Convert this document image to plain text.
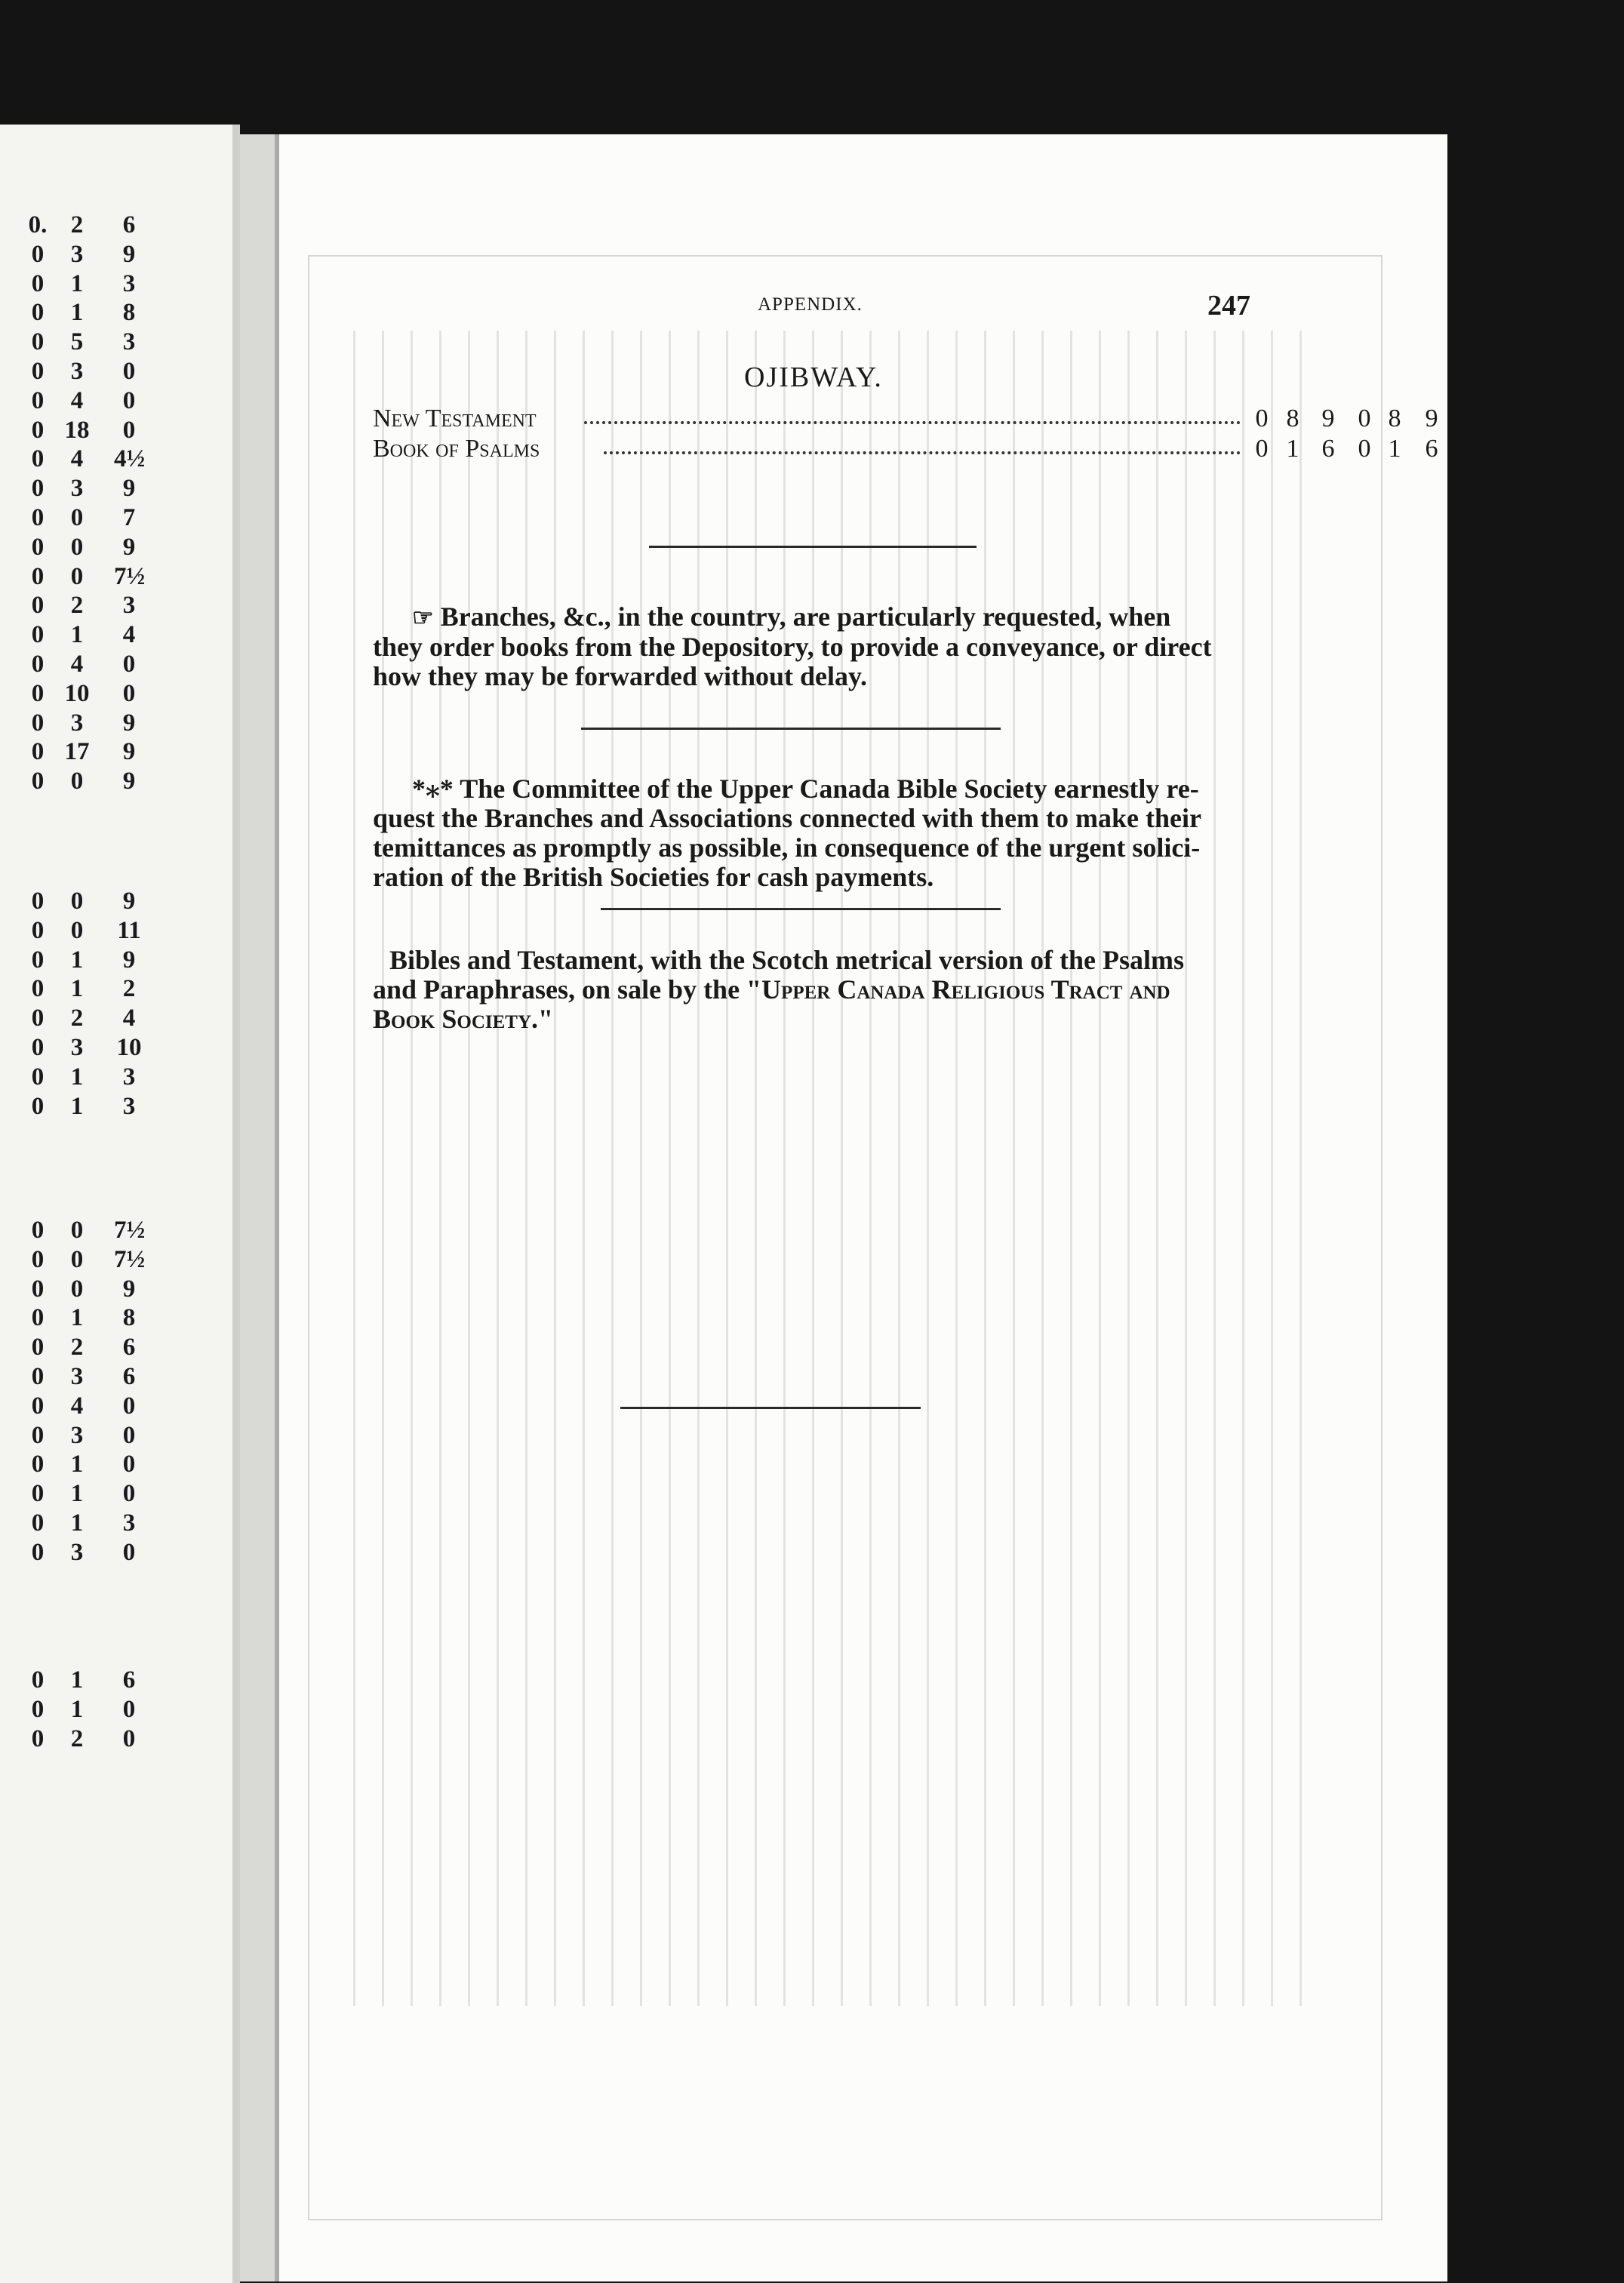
0. 2	6
0	3	9
0	1	3
0	1	8
0	5	3
0	3	0
0	4	0
0 18	0
0	4	4½
0	3	9
0	0	7
0	0	9
0	0	7½
0	2	3
0	1	4
0	4	0
0 10	0
0	3	9
0 17	9
0	0	9
0	0	9
0	0	11
0	1	9
0	1	2
0	2	4
0	3	10
0	1	3
0	1	3
0	0	7½
0	0	7½
0	0	9
0	1	8
0	2	6
0	3	6
0	4	0
0	3	0
0	1	0
0	1	0
0	1	3
0	3	0
0	1	6
0	1	0
0	2	0
APPENDIX.	247
OJIBWAY.
New Testament	0 8 9 0 8 9
Book of Psalms	0 1 6 0 1 6
☞ Branches, &c., in the country, are particularly requested, when
they order books from the Depository, to provide a conveyance, or direct
how they may be forwarded without delay.
*⁎* The Committee of the Upper Canada Bible Society earnestly re-
quest the Branches and Associations connected with them to make their
temittances as promptly as possible, in consequence of the urgent solici-
ration of the British Societies for cash payments.
Bibles and Testament, with the Scotch metrical version of the Psalms
and Paraphrases, on sale by the "Upper Canada Religious Tract and
Book Society."
